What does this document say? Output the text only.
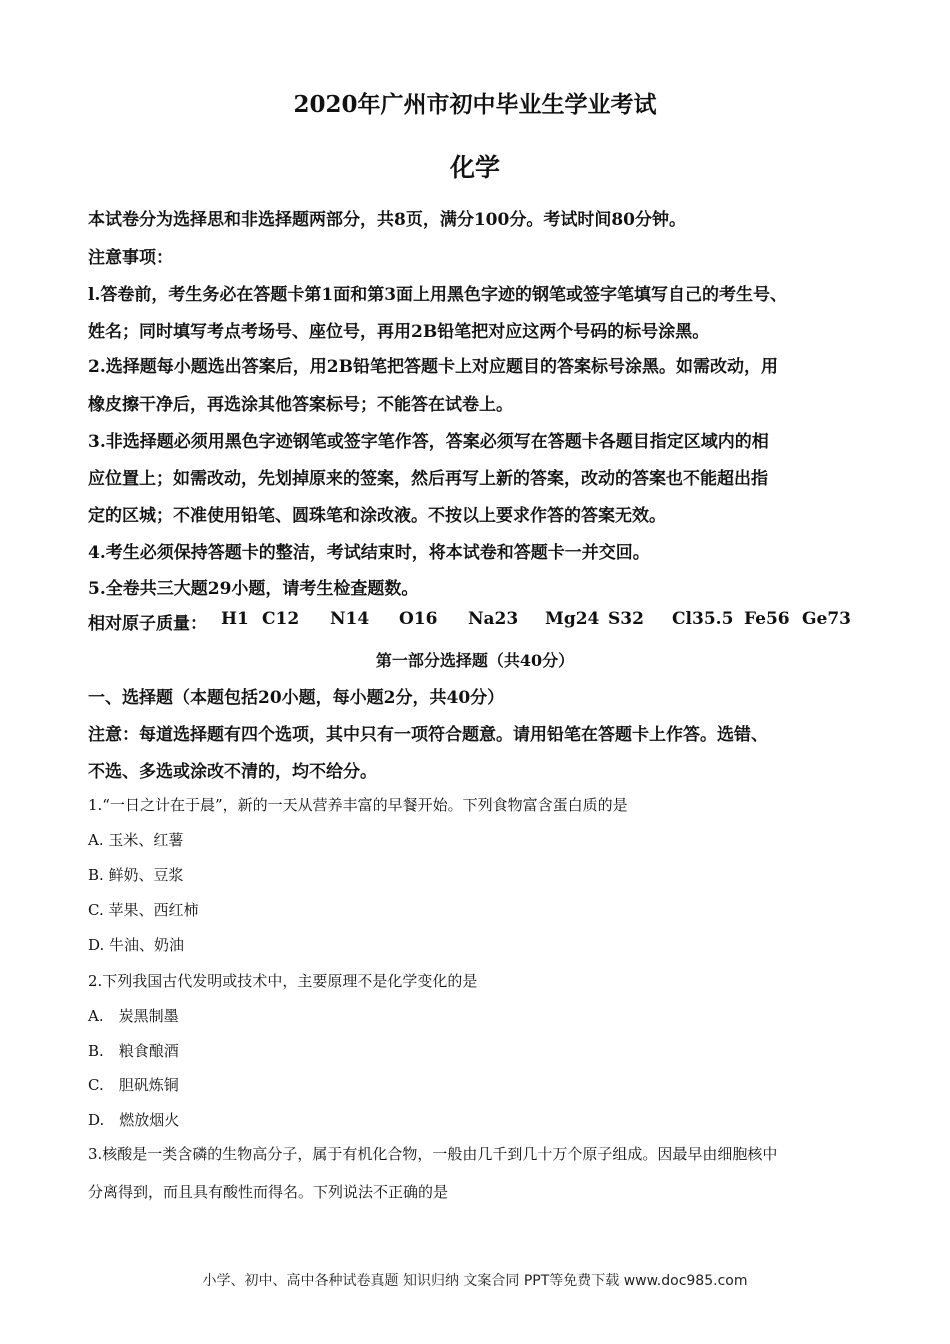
2020年广州市初中毕业生学业考试
化学
本试卷分为选择思和非选择题两部分，共8页，满分100分。考试时间80分钟。
注意事项：
l.答卷前，考生务必在答题卡第1面和第3面上用黑色字迹的钢笔或签字笔填写自己的考生号、
姓名；同时填写考点考场号、座位号，再用2B铅笔把对应这两个号码的标号涂黑。
2.选择题每小题选出答案后，用2B铅笔把答题卡上对应题目的答案标号涂黑。如需改动，用
橡皮擦干净后，再选涂其他答案标号；不能答在试卷上。
3.非选择题必须用黑色字迹钢笔或签字笔作答，答案必须写在答题卡各题目指定区域内的相
应位置上；如需改动，先划掉原来的签案，然后再写上新的答案，改动的答案也不能超出指
定的区城；不准使用铅笔、圆珠笔和涂改液。不按以上要求作答的答案无效。
4.考生必须保持答题卡的整洁，考试结束时，将本试卷和答题卡一并交回。
5.全卷共三大题29小题，请考生检查题数。
相对原子质量： H1 C12 N14 O16 Na23 Mg24 S32 Cl35.5 Fe56 Ge73
第一部分选择题（共40分）
一、选择题（本题包括20小题，每小题2分，共40分）
注意：每道选择题有四个选项，其中只有一项符合题意。请用铅笔在答题卡上作答。选错、
不选、多选或涂改不清的，均不给分。
1.“一日之计在于晨”，新的一天从营养丰富的早餐开始。下列食物富含蛋白质的是
A. 玉米、红薯
B. 鲜奶、豆浆
C. 苹果、西红柿
D. 牛油、奶油
2.下列我国古代发明或技术中，主要原理不是化学变化的是
A.　炭黑制墨
B.　粮食酿酒
C.　胆矾炼铜
D.　燃放烟火
3.核酸是一类含磷的生物高分子，属于有机化合物，一般由几千到几十万个原子组成。因最早由细胞核中
分离得到，而且具有酸性而得名。下列说法不正确的是
小学、初中、高中各种试卷真题 知识归纳 文案合同 PPT等免费下载 www.doc985.com
